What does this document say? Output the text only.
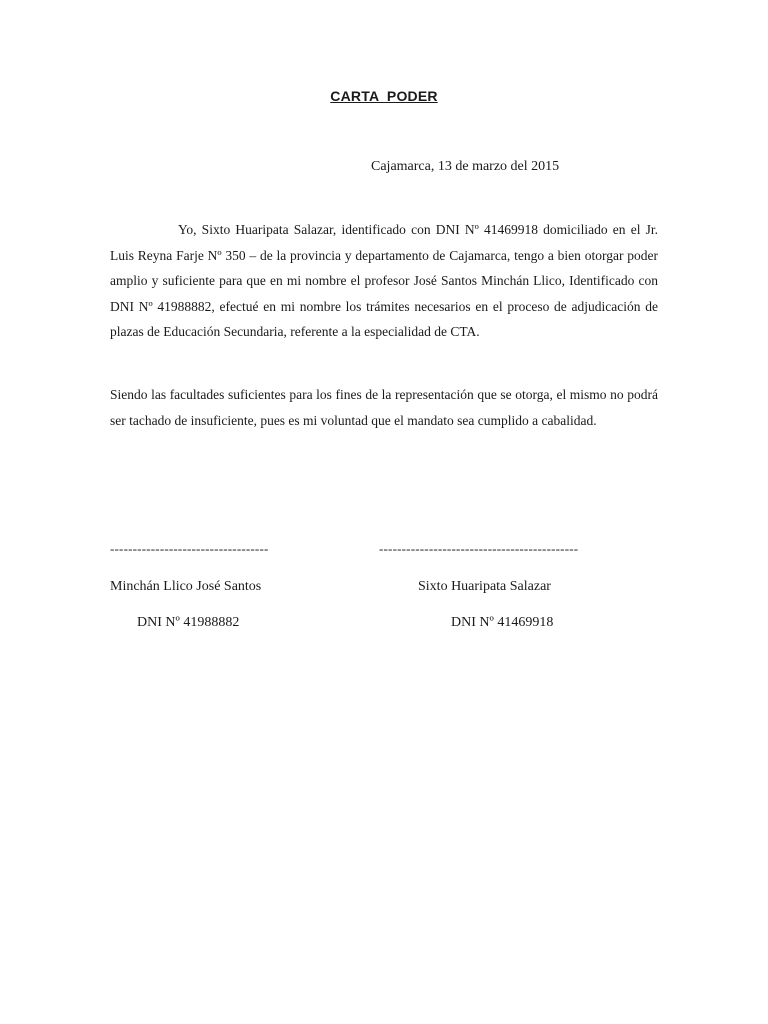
CARTA  PODER
Cajamarca, 13 de marzo del 2015

Yo, Sixto Huaripata Salazar, identificado con DNI Nº 41469918 domiciliado en el Jr. Luis Reyna Farje Nº 350 – de la provincia y departamento de Cajamarca, tengo a bien otorgar poder amplio y suficiente para que en mi nombre el profesor José Santos Minchán Llico, Identificado con DNI Nº 41988882, efectué en mi nombre los trámites necesarios en el proceso de adjudicación de plazas de Educación Secundaria, referente a la especialidad de CTA.

Siendo las facultades suficientes para los fines de la representación que se otorga, el mismo no podrá ser tachado de insuficiente, pues es mi voluntad que el mandato sea cumplido a cabalidad.

-----------------------------------	--------------------------------------------
Minchán Llico José Santos	Sixto Huaripata Salazar
DNI Nº 41988882	DNI Nº 41469918
